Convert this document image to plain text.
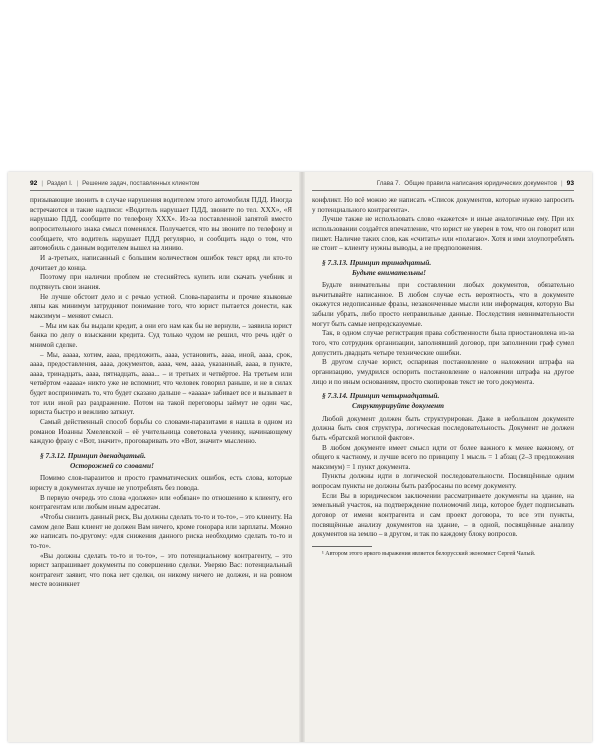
92 | Раздел I. | Решение задач, поставленных клиентом

призывающие звонить в случае нарушения водителем этого автомобиля ПДД. Иногда встречаются и такие надписи: «Водитель нарушает ПДД, звоните по тел. XXX», «Я нарушаю ПДД, сообщите по телефону XXX». Из-за поставленной запятой вместо вопросительного знака смысл поменялся. Получается, что вы звоните по телефону и сообщаете, что водитель нарушает ПДД регулярно, и сообщить надо о том, что автомобиль с данным водителем вышел на линию.

И а-третьих, написанный с большим количеством ошибок текст вряд ли кто-то дочитает до конца.

Поэтому при наличии проблем не стесняйтесь купить или скачать учебник и подтянуть свои знания.

Не лучше обстоит дело и с речью устной. Слова-паразиты и прочие языковые ляпы как минимум затрудняют понимание того, что юрист пытается донести, как максимум – меняют смысл.

– Мы им как бы выдали кредит, а они его нам как бы не вернули, – заявила юрист банка по делу о взыскании кредита. Суд только чудом не решил, что речь идёт о мнимой сделке.

– Мы, ааааа, хотим, аааа, предложить, аааа, установить, аааа, иной, аааа, срок, аааа, предоставления, аааа, документов, аааа, чем, аааа, указанный, аааа, в пункте, аааа, тринадцать, аааа, пятнадцать, аааа... – и третьих и четвёртое. На третьем или четвёртом «ааааа» никто уже не вспомнит, что человек говорил раньше, и не в силах будет воспринимать то, что будет сказано дальше – «ааааа» забивает все и вызывает в тот или иной раз раздражение. Потом на такой переговоры займут не один час, юриста быстро и вежливо заткнут.

Самый действенный способ борьбы со словами-паразитами я нашла в одном из романов Иоанны Хмелевской – её учительница советовала ученику, начинающему каждую фразу с «Вот, значит», проговаривать это «Вот, значит» мысленно.

§ 7.3.12. Принцип двенадцатый.
Осторожней со словами!

Помимо слов-паразитов и просто грамматических ошибок, есть слова, которые юристу в документах лучше не употреблять без повода.

В первую очередь это слова «должен» или «обязан» по отношению к клиенту, его контрагентам или любым иным адресатам.

«Чтобы снизить данный риск, Вы должны сделать то-то и то-то», – это клиенту. На самом деле Ваш клиент не должен Вам ничего, кроме гонорара или зарплаты. Можно же написать по-другому: «для снижения данного риска необходимо сделать то-то и то-то».

«Вы должны сделать то-то и то-то», – это потенциальному контрагенту, – это юрист запрашивает документы по совершению сделки. Уверяю Вас: потенциальный контрагент заявит, что пока нет сделки, он никому ничего не должен, и на ровном месте возникнет

Глава 7. Общие правила написания юридических документов | 93

конфликт. Но всё можно же написать «Список документов, которые нужно запросить у потенциального контрагента».

Лучше также не использовать слово «кажется» и иные аналогичные ему. При их использовании создаётся впечатление, что юрист не уверен в том, что он говорит или пишет. Наличие таких слов, как «считать» или «полагаю». Хотя и ими злоупотреблять не стоит – клиенту нужны выводы, а не предположения.

§ 7.3.13. Принцип тринадцатый.
Будьте внимательны!

Будьте внимательны при составлении любых документов, обязательно вычитывайте написанное. В любом случае есть вероятность, что в документе окажутся недописанные фразы, незаконченные мысли или информация, которую Вы забыли убрать, либо просто неправильные данные. Последствия невнимательности могут быть самые непредсказуемые.

Так, в одном случае регистрация права собственности была приостановлена из-за того, что сотрудник организации, заполнявший договор, при заполнении граф сумел допустить двадцать четыре технические ошибки.

В другом случае юрист, оспаривая постановление о наложении штрафа на организацию, умудрился оспорить постановление о наложении штрафа на другое лицо и по иным основаниям, просто скопировав текст не того документа.

§ 7.3.14. Принцип четырнадцатый.
Структурируйте документ

Любой документ должен быть структурирован. Даже в небольшом документе должна быть своя структура, логическая последовательность. Документ не должен быть «братской могилой фактов».

В любом документе имеет смысл идти от более важного к менее важному, от общего к частному, и лучше всего по принципу 1 мысль = 1 абзац (2–3 предложения максимум) = 1 пункт документа.

Пункты должны идти в логической последовательности. Посвящённые одним вопросам пункты не должны быть разбросаны по всему документу.

Если Вы в юридическом заключении рассматриваете документы на здание, на земельный участок, на подтверждение полномочий лица, которое будет подписывать договор от имени контрагента и сам проект договора, то все эти пункты, посвящённые анализу документов на здание, – в одной, посвящённые анализу документов на землю – в другом, и так по каждому блоку вопросов.

¹ Автором этого яркого выражения является белорусский экономист Сергей Чалый.
